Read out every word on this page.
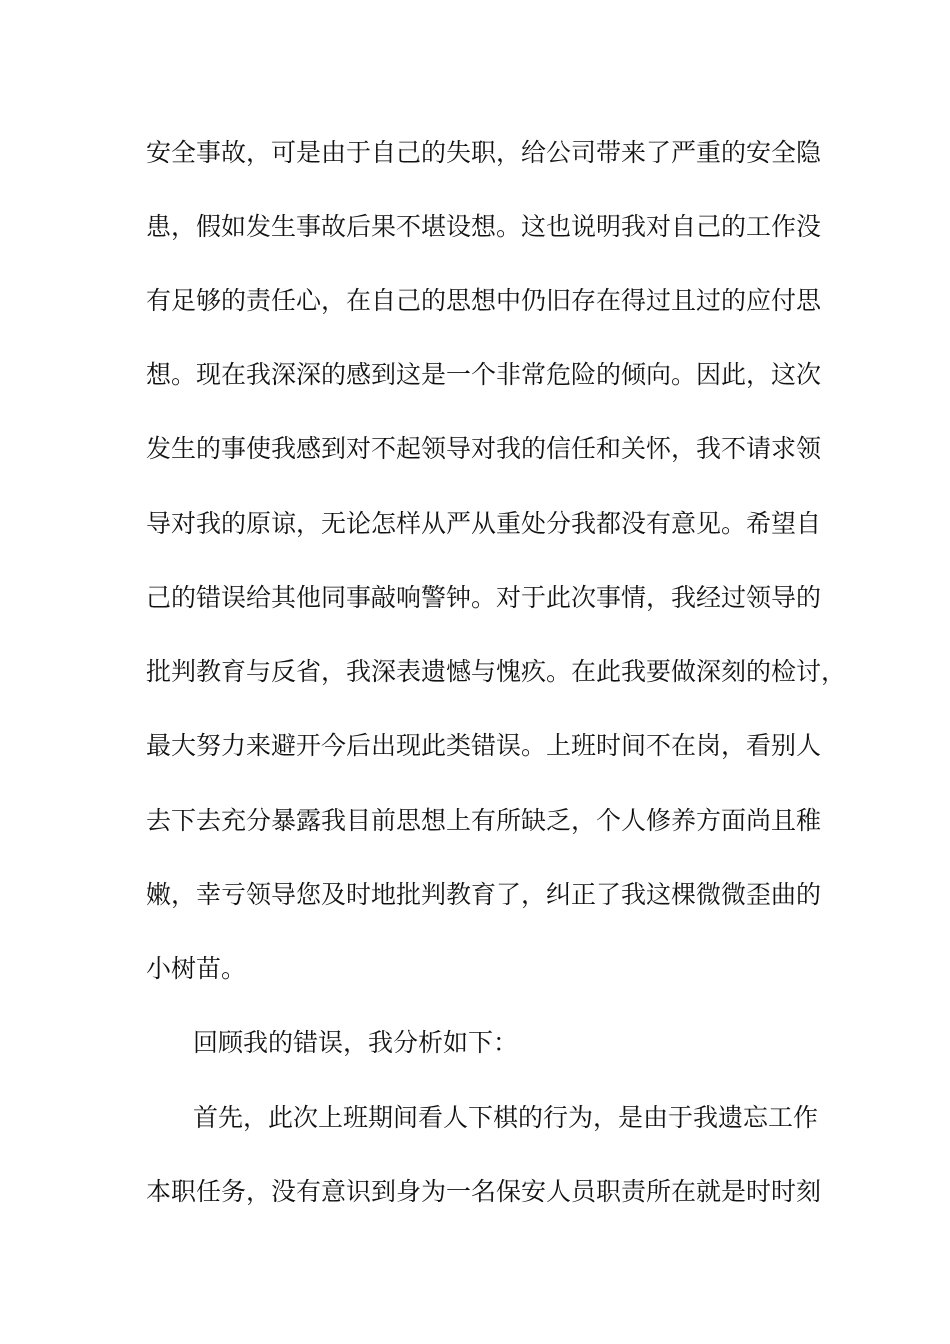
安全事故，可是由于自己的失职，给公司带来了严重的安全隐
患，假如发生事故后果不堪设想。这也说明我对自己的工作没
有足够的责任心，在自己的思想中仍旧存在得过且过的应付思
想。现在我深深的感到这是一个非常危险的倾向。因此，这次
发生的事使我感到对不起领导对我的信任和关怀，我不请求领
导对我的原谅，无论怎样从严从重处分我都没有意见。希望自
己的错误给其他同事敲响警钟。对于此次事情，我经过领导的
批判教育与反省，我深表遗憾与愧疚。在此我要做深刻的检讨，
最大努力来避开今后出现此类错误。上班时间不在岗，看别人
去下去充分暴露我目前思想上有所缺乏，个人修养方面尚且稚
嫩，幸亏领导您及时地批判教育了，纠正了我这棵微微歪曲的
小树苗。
回顾我的错误，我分析如下：
首先，此次上班期间看人下棋的行为，是由于我遗忘工作
本职任务，没有意识到身为一名保安人员职责所在就是时时刻
